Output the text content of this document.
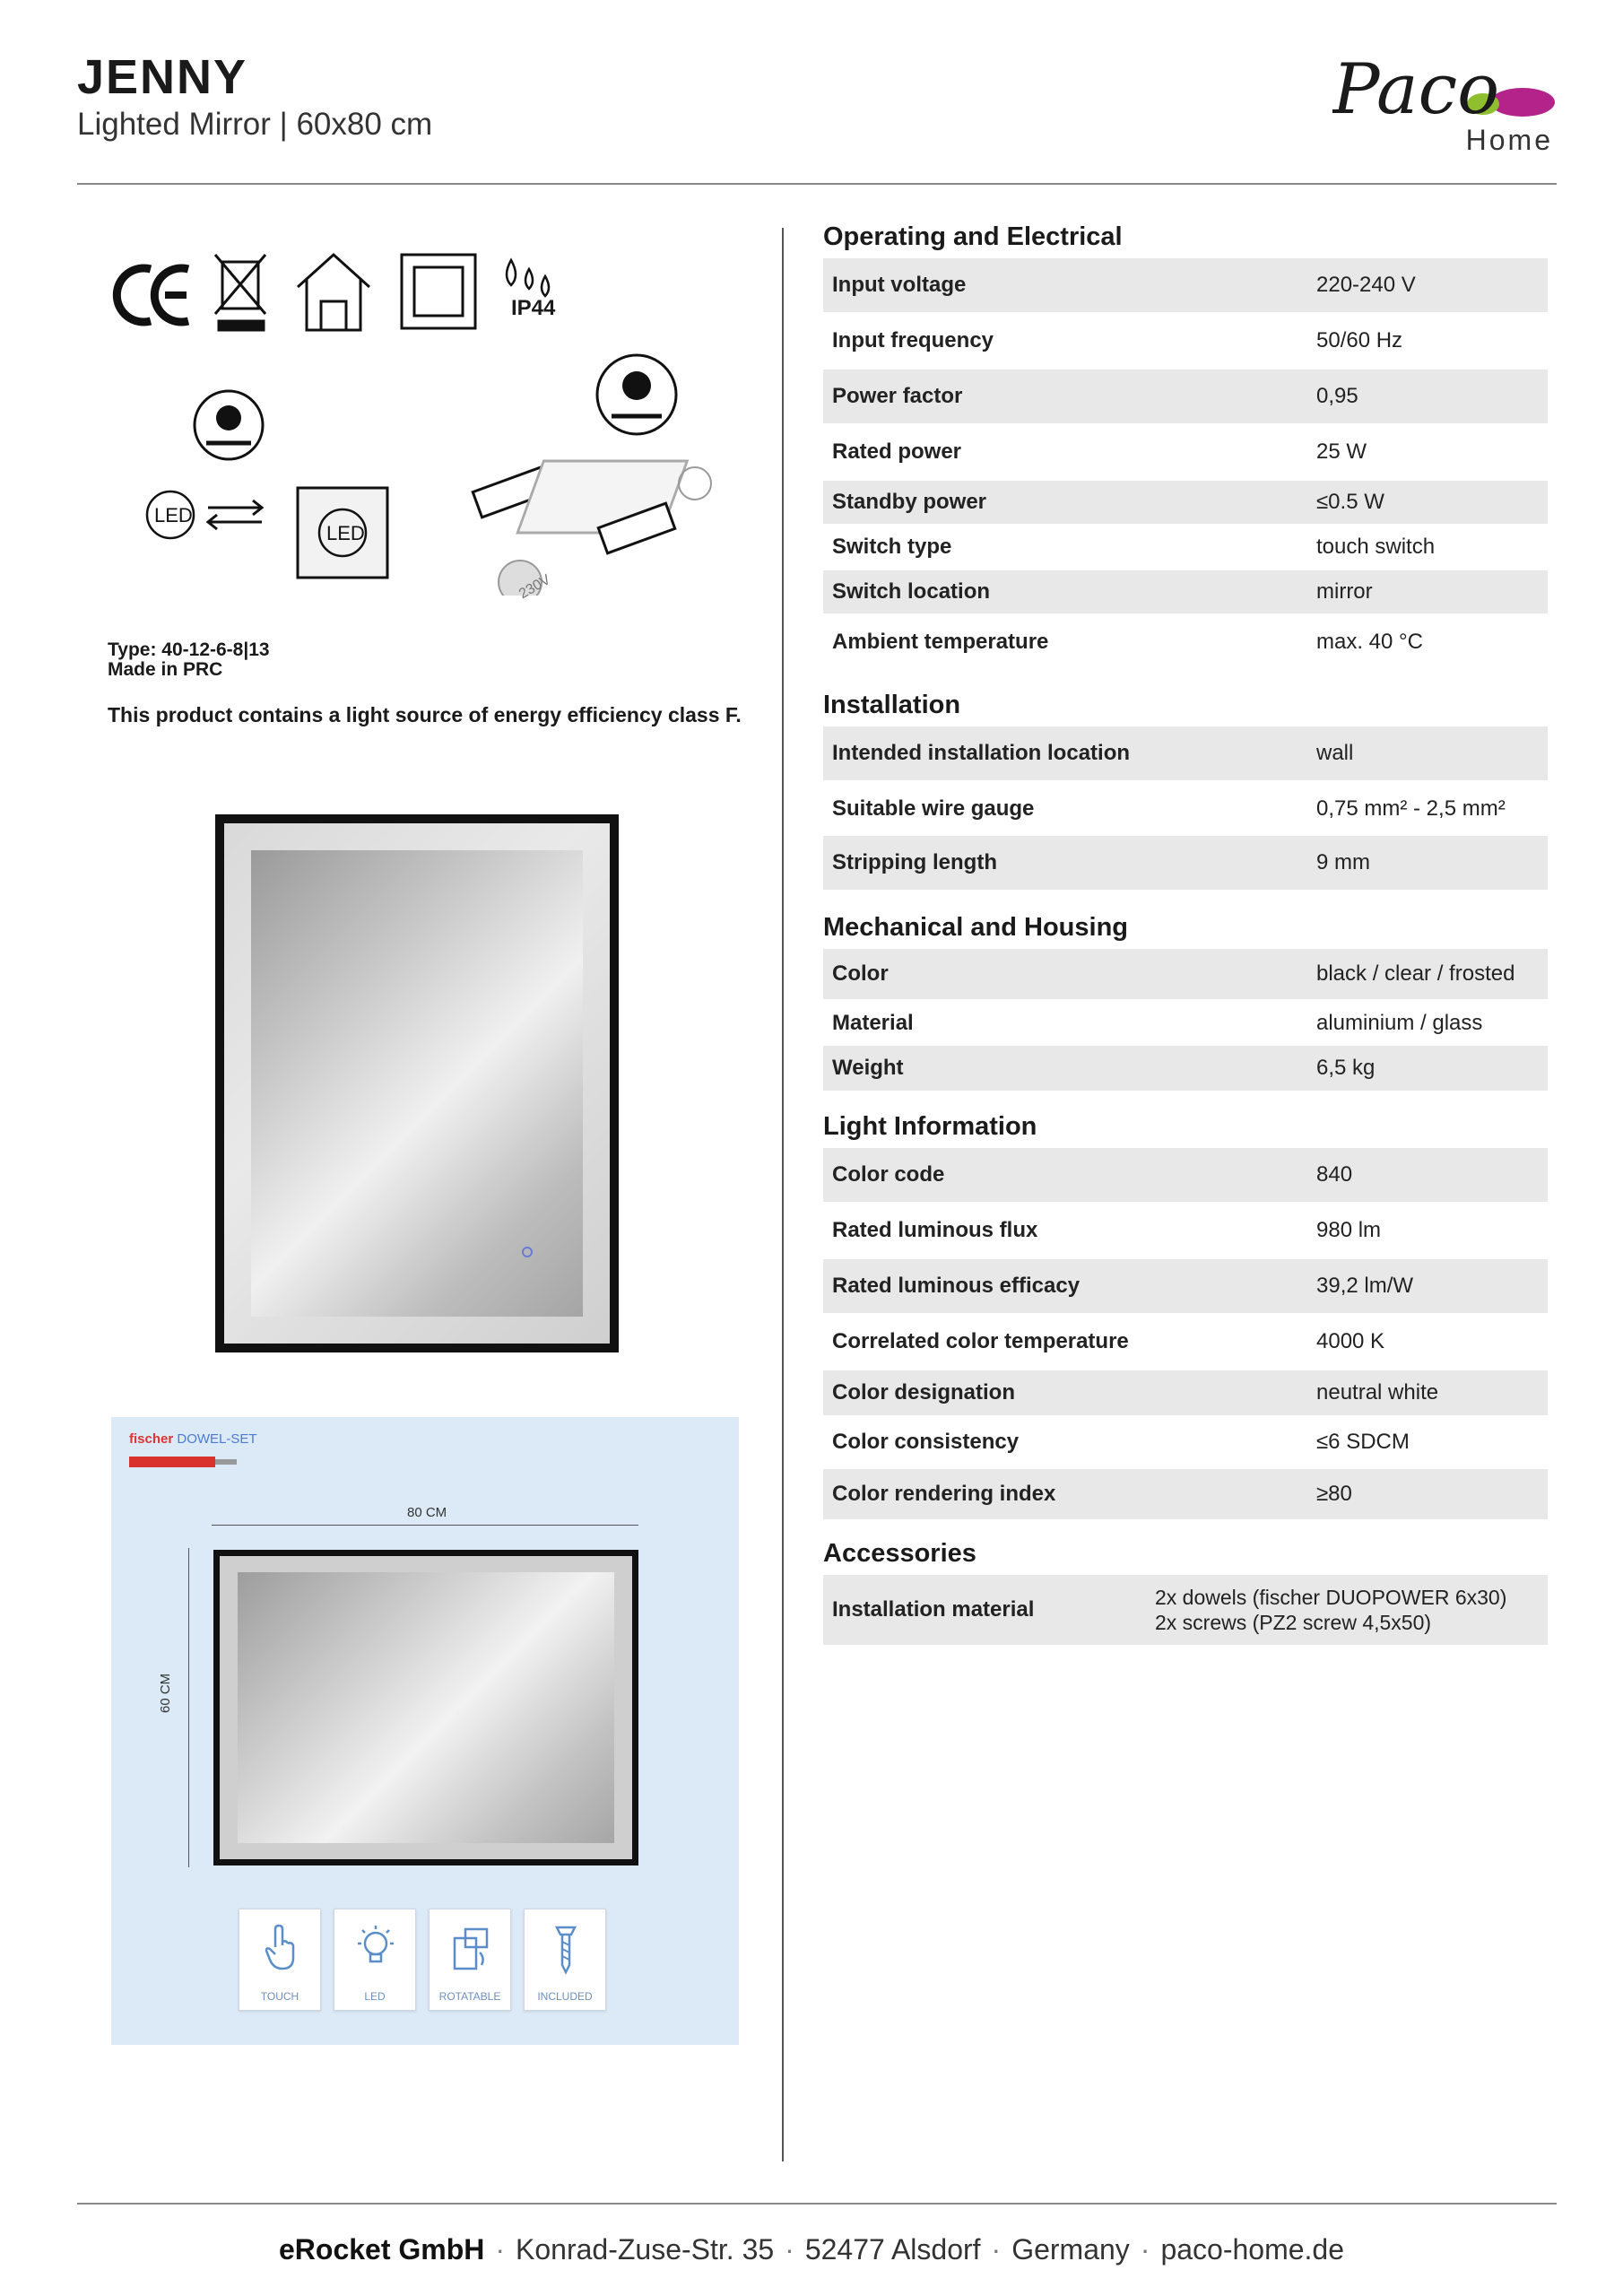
JENNY
Lighted Mirror | 60x80 cm	Paco
Home
IP44
LED
LED
230V
Type: 40-12-6-8|13
Made in PRC
This product contains a light source of energy efficiency class F.
fischer DOWEL-SET
80 CM
60 CM
TOUCH	LED	ROTATABLE	INCLUDED
Operating and Electrical
Input voltage	220-240 V
Input frequency	50/60 Hz
Power factor	0,95
Rated power	25 W
Standby power	≤0.5 W
Switch type	touch switch
Switch location	mirror
Ambient temperature	max. 40 °C
Installation
Intended installation location	wall
Suitable wire gauge	0,75 mm² - 2,5 mm²
Stripping length	9 mm
Mechanical and Housing
Color	black / clear / frosted
Material	aluminium / glass
Weight	6,5 kg
Light Information
Color code	840
Rated luminous flux	980 lm
Rated luminous efficacy	39,2 lm/W
Correlated color temperature	4000 K
Color designation	neutral white
Color consistency	≤6 SDCM
Color rendering index	≥80
Accessories
Installation material	2x dowels (fischer DUOPOWER 6x30)
2x screws (PZ2 screw 4,5x50)
eRocket GmbH · Konrad-Zuse-Str. 35 · 52477 Alsdorf · Germany · paco-home.de
